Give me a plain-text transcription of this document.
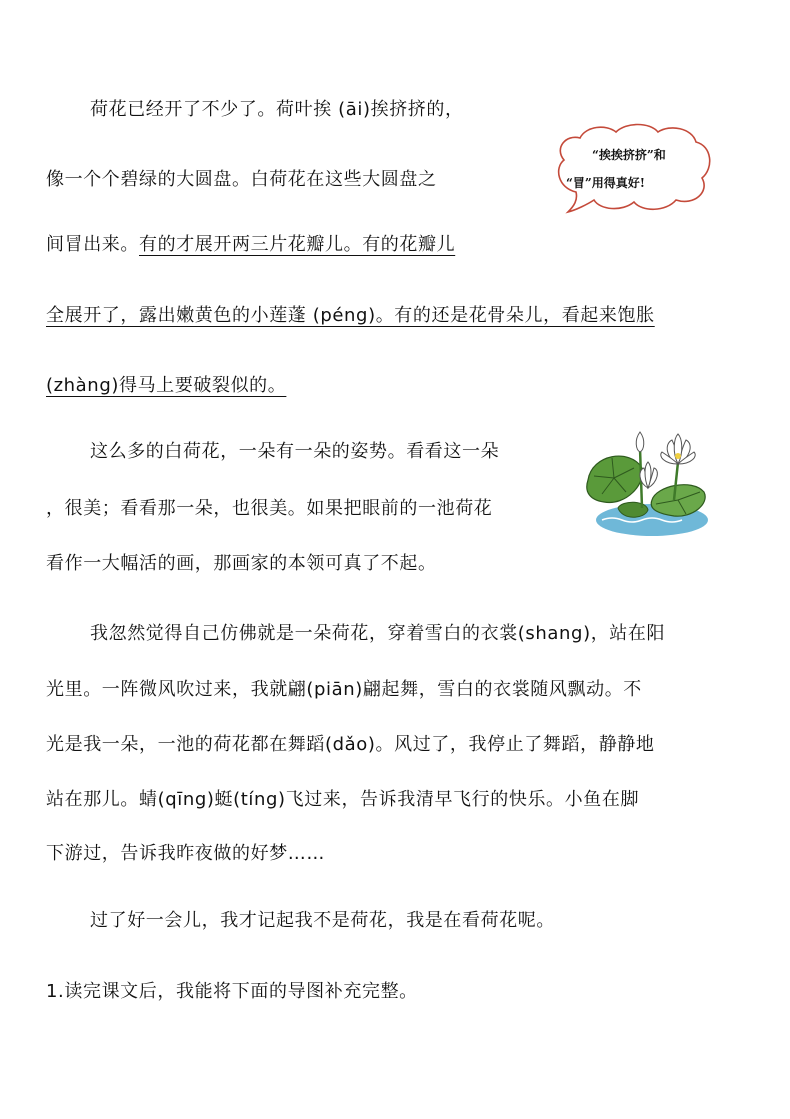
荷花已经开了不少了。荷叶挨 (āi)挨挤挤的，
像一个个碧绿的大圆盘。白荷花在这些大圆盘之
间冒出来。有的才展开两三片花瓣儿。有的花瓣儿
全展开了，露出嫩黄色的小莲蓬 (péng)。有的还是花骨朵儿，看起来饱胀
(zhàng)得马上要破裂似的。
“挨挨挤挤”和
“冒”用得真好!
这么多的白荷花，一朵有一朵的姿势。看看这一朵
，很美；看看那一朵，也很美。如果把眼前的一池荷花
看作一大幅活的画，那画家的本领可真了不起。
我忽然觉得自己仿佛就是一朵荷花，穿着雪白的衣裳(shang)，站在阳
光里。一阵微风吹过来，我就翩(piān)翩起舞，雪白的衣裳随风飘动。不
光是我一朵，一池的荷花都在舞蹈(dǎo)。风过了，我停止了舞蹈，静静地
站在那儿。蜻(qīng)蜓(tíng)飞过来，告诉我清早飞行的快乐。小鱼在脚
下游过，告诉我昨夜做的好梦……
过了好一会儿，我才记起我不是荷花，我是在看荷花呢。
1.读完课文后，我能将下面的导图补充完整。
